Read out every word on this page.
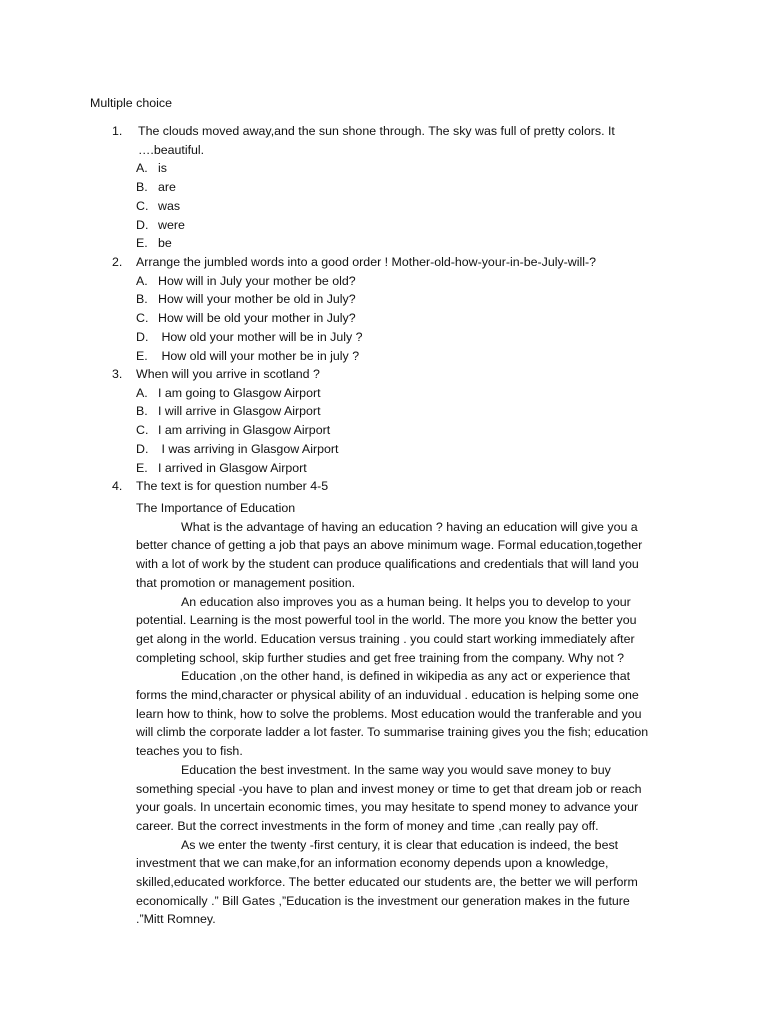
Multiple choice
1.	The clouds moved away,and the sun shone through. The sky was full of pretty colors. It ….beautiful.
A. is
B. are
C. was
D. were
E. be
2.	Arrange the jumbled words into a good order ! Mother-old-how-your-in-be-July-will-?
A. How will in July your mother be old?
B. How will your mother be old in July?
C. How will be old your mother in July?
D. How old your mother will be in July ?
E. How old will your mother be in july ?
3.	When will you arrive in scotland ?
A. I am going to Glasgow Airport
B. I will arrive in Glasgow Airport
C. I am arriving in Glasgow Airport
D. I was arriving in Glasgow Airport
E. I arrived in Glasgow Airport
4.	The text is for question number 4-5
The Importance of Education

What is the advantage of having an education ? having an education will give you a better chance of getting a job that pays an above minimum wage. Formal education,together with a lot of work by the student can produce qualifications and credentials that will land you that promotion or management position.

An education also improves you as a human being. It helps you to develop to your potential. Learning is the most powerful tool in the world. The more you know the better you get along in the world. Education versus training . you could start working immediately after completing school, skip further studies and get free training from the company. Why not ?

Education ,on the other hand, is defined in wikipedia as any act or experience that forms the mind,character or physical ability of an induvidual . education is helping some one learn how to think, how to solve the problems. Most education would the tranferable and you will climb the corporate ladder a lot faster. To summarise training gives you the fish; education teaches you to fish.

Education the best investment. In the same way you would save money to buy something special -you have to plan and invest money or time to get that dream job or reach your goals. In uncertain economic times, you may hesitate to spend money to advance your career. But the correct investments in the form of money and time ,can really pay off.

As we enter the twenty -first century, it is clear that education is indeed, the best investment that we can make,for an information economy depends upon a knowledge, skilled,educated workforce. The better educated our students are, the better we will perform economically .” Bill Gates ,”Education is the investment our generation makes in the future .”Mitt Romney.
